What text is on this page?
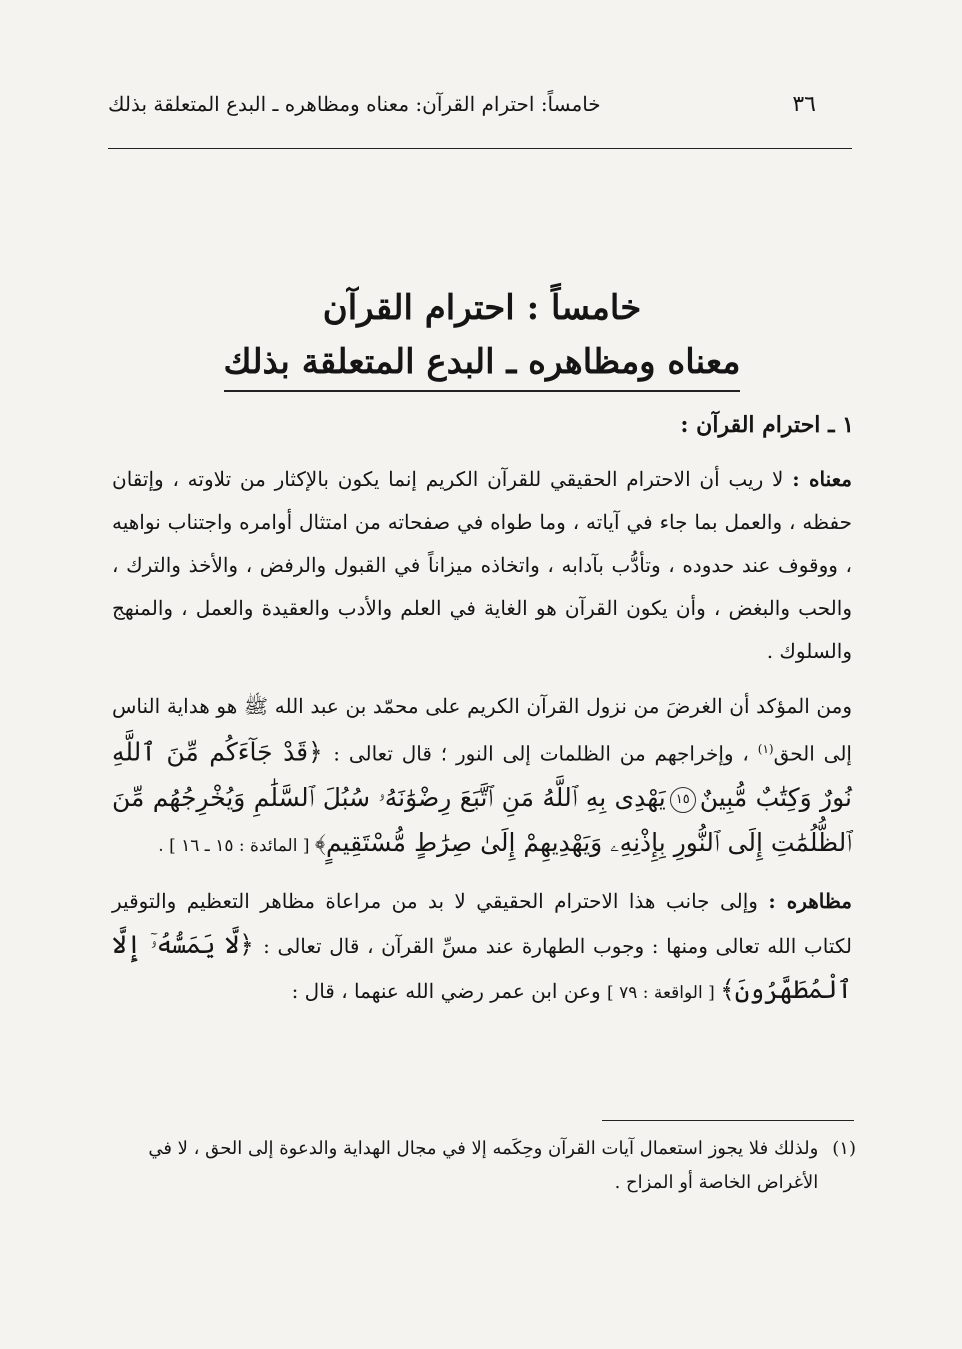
٣٦
خامساً: احترام القرآن: معناه ومظاهره ـ البدع المتعلقة بذلك
خامساً : احترام القرآن
معناه ومظاهره ـ البدع المتعلقة بذلك
١ ـ احترام القرآن :

معناه : لا ريب أن الاحترام الحقيقي للقرآن الكريم إنما يكون بالإكثار من تلاوته ، وإتقان حفظه ، والعمل بما جاء في آياته ، وما طواه في صفحاته من امتثال أوامره واجتناب نواهيه ، ووقوف عند حدوده ، وتأدُّب بآدابه ، واتخاذه ميزاناً في القبول والرفض ، والأخذ والترك ، والحب والبغض ، وأن يكون القرآن هو الغاية في العلم والأدب والعقيدة والعمل ، والمنهج والسلوك .

ومن المؤكد أن الغرضَ من نزول القرآن الكريم على محمّد بن عبد الله ﷺ هو هداية الناس إلى الحق$^{(١)}$ ، وإخراجهم من الظلمات إلى النور ؛ قال تعالى : ﴿قَدْ جَآءَكُم مِّنَ ٱللَّهِ نُورٌ وَكِتَٰبٌ مُّبِينٌ١٥يَهْدِى بِهِ ٱللَّهُ مَنِ ٱتَّبَعَ رِضْوَٰنَهُۥ سُبُلَ ٱلسَّلَٰمِ وَيُخْرِجُهُم مِّنَ ٱلظُّلُمَٰتِ إِلَى ٱلنُّورِ بِإِذْنِهِۦ وَيَهْدِيهِمْ إِلَىٰ صِرَٰطٍ مُّسْتَقِيمٍ﴾ [ المائدة : ١٥ ـ ١٦ ] .

مظاهره : وإلى جانب هذا الاحترام الحقيقي لا بد من مراعاة مظاهر التعظيم والتوقير لكتاب الله تعالى ومنها : وجوب الطهارة عند مسِّ القرآن ، قال تعالى : ﴿لَّا يَمَسُّهُۥٓ إِلَّا ٱلْمُطَهَّرُونَ﴾ [ الواقعة : ٧٩ ] وعن ابن عمر رضي الله عنهما ، قال :

(١)
ولذلك فلا يجوز استعمال آيات القرآن وحِكَمه إلا في مجال الهداية والدعوة إلى الحق ، لا في الأغراض الخاصة أو المزاح .
